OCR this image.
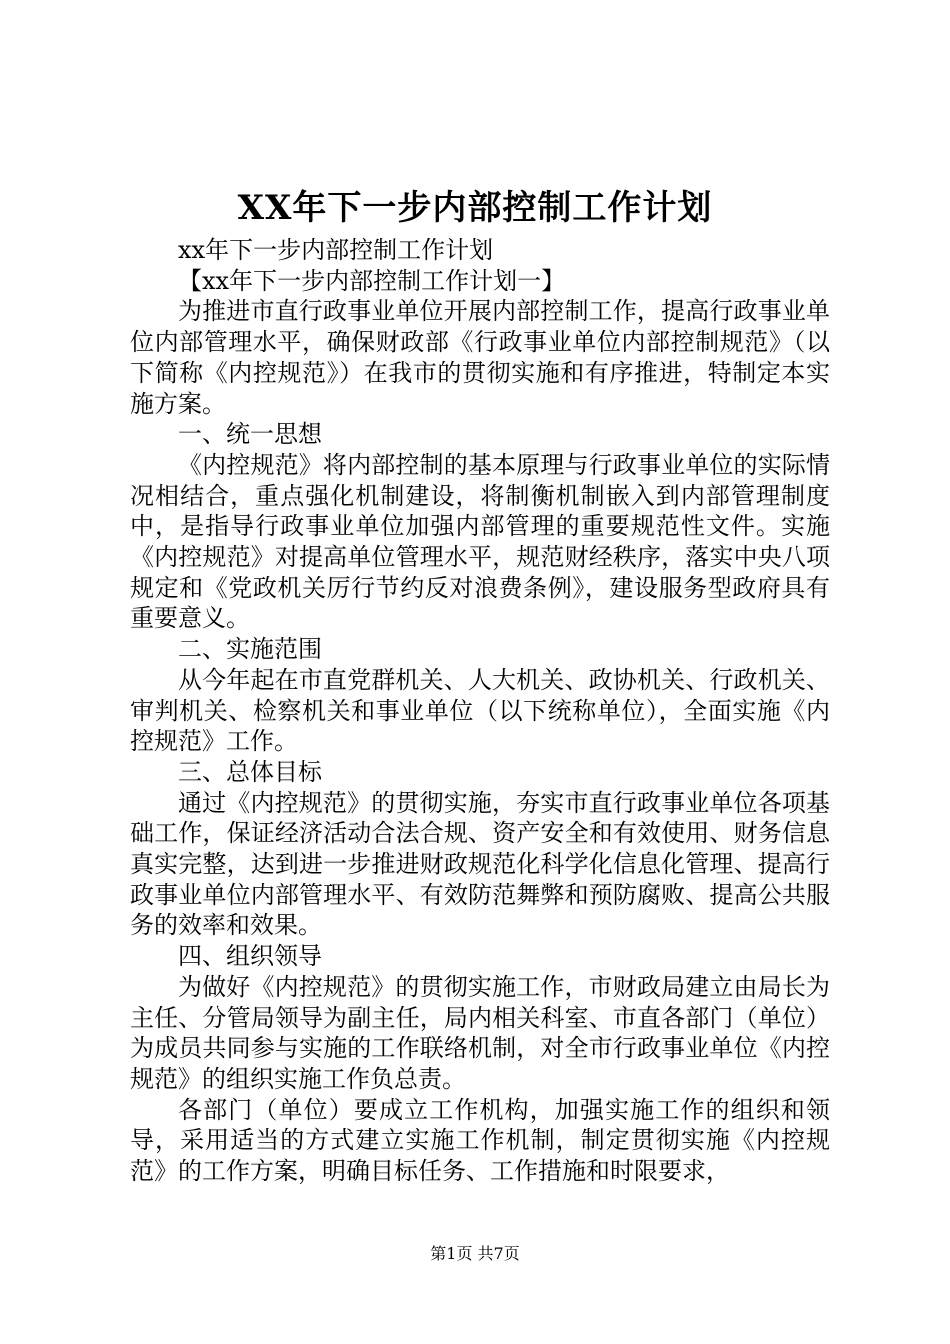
XX年下一步内部控制工作计划

xx年下一步内部控制工作计划

【xx年下一步内部控制工作计划一】

为推进市直行政事业单位开展内部控制工作，提高行政事业单位内部管理水平，确保财政部《行政事业单位内部控制规范》（以下简称《内控规范》）在我市的贯彻实施和有序推进，特制定本实施方案。

一、统一思想

《内控规范》将内部控制的基本原理与行政事业单位的实际情况相结合，重点强化机制建设，将制衡机制嵌入到内部管理制度中，是指导行政事业单位加强内部管理的重要规范性文件。实施《内控规范》对提高单位管理水平，规范财经秩序，落实中央八项规定和《党政机关厉行节约反对浪费条例》，建设服务型政府具有重要意义。

二、实施范围

从今年起在市直党群机关、人大机关、政协机关、行政机关、审判机关、检察机关和事业单位（以下统称单位），全面实施《内控规范》工作。

三、总体目标

通过《内控规范》的贯彻实施，夯实市直行政事业单位各项基础工作，保证经济活动合法合规、资产安全和有效使用、财务信息真实完整，达到进一步推进财政规范化科学化信息化管理、提高行政事业单位内部管理水平、有效防范舞弊和预防腐败、提高公共服务的效率和效果。

四、组织领导

为做好《内控规范》的贯彻实施工作，市财政局建立由局长为主任、分管局领导为副主任，局内相关科室、市直各部门（单位）为成员共同参与实施的工作联络机制，对全市行政事业单位《内控规范》的组织实施工作负总责。

各部门（单位）要成立工作机构，加强实施工作的组织和领导，采用适当的方式建立实施工作机制，制定贯彻实施《内控规范》的工作方案，明确目标任务、工作措施和时限要求，

第1页 共7页
